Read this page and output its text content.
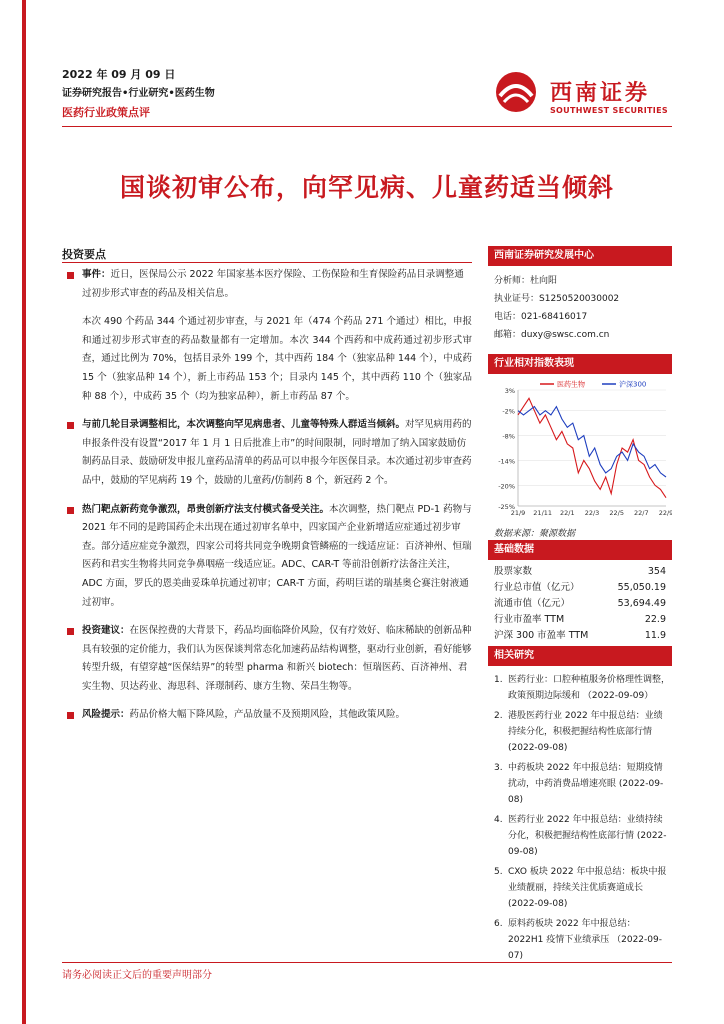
2022 年 09 月 09 日
证券研究报告•行业研究•医药生物
医药行业政策点评
西南证券
SOUTHWEST SECURITIES
国谈初审公布，向罕见病、儿童药适当倾斜
投资要点
事件：近日，医保局公示 2022 年国家基本医疗保险、工伤保险和生育保险药品目录调整通过初步形式审查的药品及相关信息。
本次 490 个药品 344 个通过初步审查，与 2021 年（474 个药品 271 个通过）相比，申报和通过初步形式审查的药品数量都有一定增加。本次 344 个西药和中成药通过初步形式审查，通过比例为 70%，包括目录外 199 个，其中西药 184 个（独家品种 144 个），中成药 15 个（独家品种 14 个），新上市药品 153 个；目录内 145 个，其中西药 110 个（独家品种 88 个），中成药 35 个（均为独家品种），新上市药品 87 个。
与前几轮目录调整相比，本次调整向罕见病患者、儿童等特殊人群适当倾斜。对罕见病用药的申报条件没有设置“2017 年 1 月 1 日后批准上市”的时间限制，同时增加了纳入国家鼓励仿制药品目录、鼓励研发申报儿童药品清单的药品可以申报今年医保目录。本次通过初步审查药品中，鼓励的罕见病药 19 个，鼓励的儿童药/仿制药 8 个，新冠药 2 个。
热门靶点新药竞争激烈，昂贵创新疗法支付模式备受关注。本次调整，热门靶点 PD-1 药物与 2021 年不同的是跨国药企未出现在通过初审名单中，四家国产企业新增适应症通过初步审查。部分适应症竞争激烈，四家公司将共同竞争晚期食管鳞癌的一线适应证：百济神州、恒瑞医药和君实生物将共同竞争鼻咽癌一线适应证。ADC、CAR-T 等前沿创新疗法备注关注，ADC 方面，罗氏的恩美曲妥珠单抗通过初审；CAR-T 方面，药明巨诺的瑞基奥仑赛注射液通过初审。
投资建议：在医保控费的大背景下，药品均面临降价风险，仅有疗效好、临床稀缺的创新品种具有较强的定价能力，我们认为医保谈判常态化加速药品结构调整，驱动行业创新，看好能够转型升级，有望穿越“医保结界”的转型 pharma 和新兴 biotech：恒瑞医药、百济神州、君实生物、贝达药业、海思科、泽璟制药、康方生物、荣昌生物等。
风险提示：药品价格大幅下降风险，产品放量不及预期风险，其他政策风险。
西南证券研究发展中心
分析师：杜向阳
执业证号：S1250520030002
电话：021-68416017
邮箱：duxy@swsc.com.cn
行业相对指数表现
3%
-2%
-8%
-14%
-20%
-25%
21/9 21/11 22/1 22/3 22/5 22/7 22/9
医药生物	沪深300
数据来源：聚源数据
基础数据
股票家数	354
行业总市值（亿元）	55,050.19
流通市值（亿元）	53,694.49
行业市盈率 TTM	22.9
沪深 300 市盈率 TTM	11.9
相关研究
1. 医药行业：口腔种植服务价格理性调整，政策预期边际缓和 （2022-09-09）
2. 港股医药行业 2022 年中报总结：业绩持续分化，积极把握结构性底部行情 (2022-09-08)
3. 中药板块 2022 年中报总结：短期疫情扰动，中药消费品增速亮眼 (2022-09-08)
4. 医药行业 2022 年中报总结：业绩持续分化，积极把握结构性底部行情 (2022-09-08)
5. CXO 板块 2022 年中报总结：板块中报业绩靓丽，持续关注优质赛道成长 (2022-09-08)
6. 原料药板块 2022 年中报总结：2022H1 疫情下业绩承压 （2022-09-07)
请务必阅读正文后的重要声明部分
